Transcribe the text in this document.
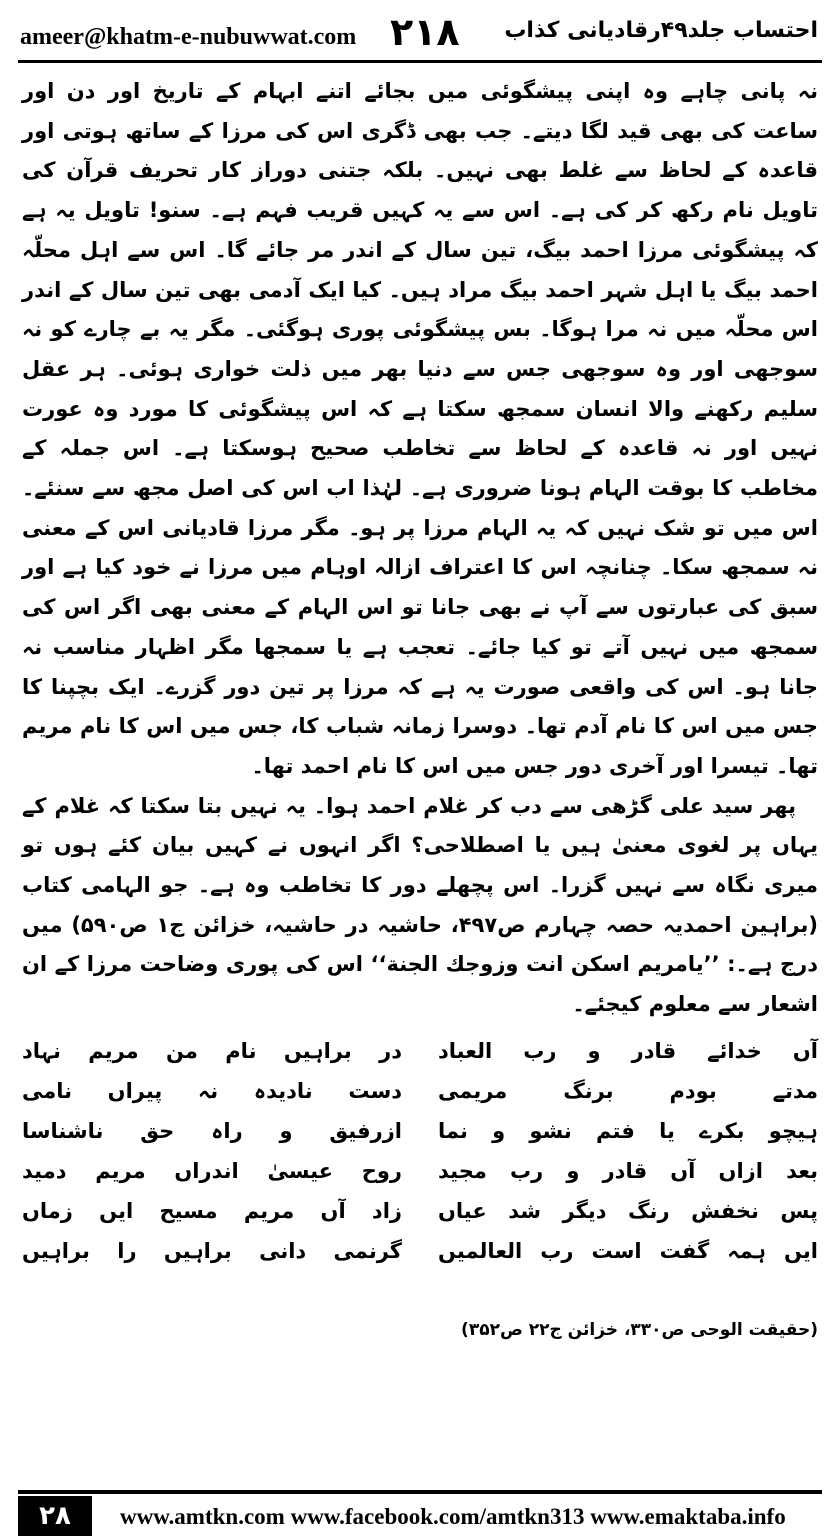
ameer@khatm-e-nubuwwat.com ۲۱۸ احتساب جلد۴۹رقادیانی کذاب

نہ پانی چاہے وہ اپنی پیشگوئی میں بجائے اتنے ابہام کے تاریخ اور دن اور ساعت کی بھی قید لگا دیتے۔ جب بھی ڈگری اس کی مرزا کے ساتھ ہوتی اور قاعدہ کے لحاظ سے غلط بھی نہیں۔ بلکہ جتنی دوراز کار تحریف قرآن کی تاویل نام رکھ کر کی ہے۔ اس سے یہ کہیں قریب فہم ہے۔ سنو! تاویل یہ ہے کہ پیشگوئی مرزا احمد بیگ، تین سال کے اندر مر جائے گا۔ اس سے اہل محلّہ احمد بیگ یا اہل شہر احمد بیگ مراد ہیں۔ کیا ایک آدمی بھی تین سال کے اندر اس محلّہ میں نہ مرا ہوگا۔ بس پیشگوئی پوری ہوگئی۔ مگر یہ بے چارے کو نہ سوجھی اور وہ سوجھی جس سے دنیا بھر میں ذلت خواری ہوئی۔ ہر عقل سلیم رکھنے والا انسان سمجھ سکتا ہے کہ اس پیشگوئی کا مورد وہ عورت نہیں اور نہ قاعدہ کے لحاظ سے تخاطب صحیح ہوسکتا ہے۔ اس جملہ کے مخاطب کا بوقت الہام ہونا ضروری ہے۔ لہٰذا اب اس کی اصل مجھ سے سنئے۔ اس میں تو شک نہیں کہ یہ الہام مرزا پر ہو۔ مگر مرزا قادیانی اس کے معنی نہ سمجھ سکا۔ چنانچہ اس کا اعتراف ازالہ اوہام میں مرزا نے خود کیا ہے اور سبق کی عبارتوں سے آپ نے بھی جانا تو اس الہام کے معنی بھی اگر اس کی سمجھ میں نہیں آتے تو کیا جائے۔ تعجب ہے یا سمجھا مگر اظہار مناسب نہ جانا ہو۔ اس کی واقعی صورت یہ ہے کہ مرزا پر تین دور گزرے۔ ایک بچپنا کا جس میں اس کا نام آدم تھا۔ دوسرا زمانہ شباب کا، جس میں اس کا نام مریم تھا۔ تیسرا اور آخری دور جس میں اس کا نام احمد تھا۔

پھر سید علی گڑھی سے دب کر غلام احمد ہوا۔ یہ نہیں بتا سکتا کہ غلام کے یہاں پر لغوی معنیٰ ہیں یا اصطلاحی؟ اگر انہوں نے کہیں بیان کئے ہوں تو میری نگاہ سے نہیں گزرا۔ اس پچھلے دور کا تخاطب وہ ہے۔ جو الہامی کتاب (براہین احمدیہ حصہ چہارم ص۴۹۷، حاشیہ در حاشیہ، خزائن ج۱ ص۵۹۰) میں درج ہے۔: ’’یامریم اسکن انت وزوجك الجنة‘‘ اس کی پوری وضاحت مرزا کے ان اشعار سے معلوم کیجئے۔

آں خدائے قادر و رب العباد
مدتے بودم برنگ مریمی
ہیچو بکرے یا فتم نشو و نما
بعد ازاں آں قادر و رب مجید
پس نخفش رنگ دیگر شد عیاں
ایں ہمہ گفت است رب العالمیں
در براہیں نام من مریم نہاد
دست نادیدہ نہ پیراں نامی
ازرفیق و راہ حق ناشناسا
روح عیسیٰ اندراں مریم دمید
زاد آں مریم مسیح ایں زماں
گرنمی دانی براہیں را براہیں
(حقیقت الوحی ص۳۳۰، خزائن ج۲۲ ص۳۵۲)
۲۸	www.amtkn.com www.facebook.com/amtkn313 www.emaktaba.info
